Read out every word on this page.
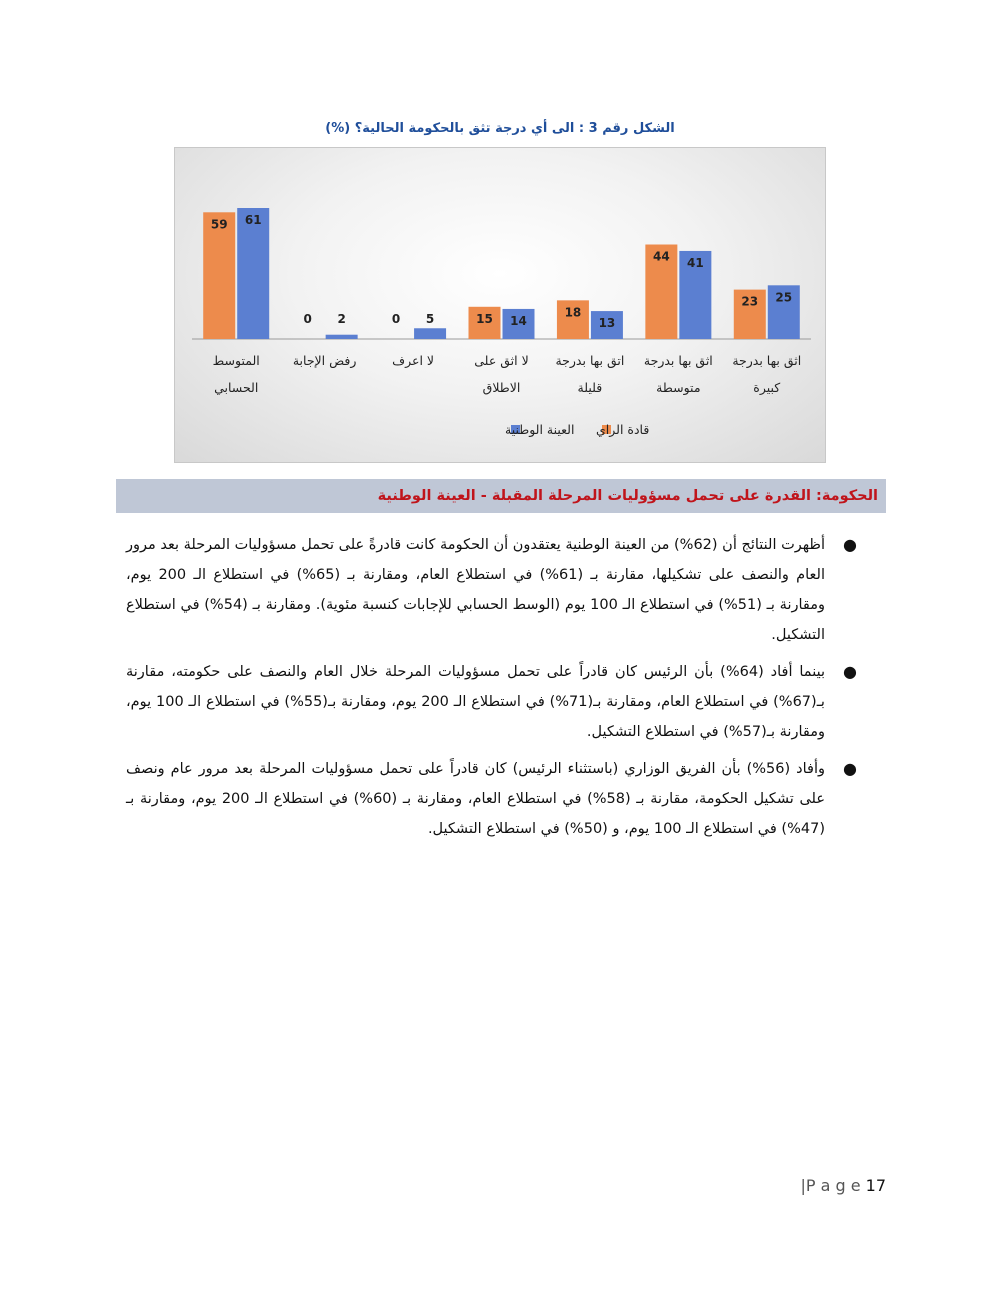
الشكل رقم 3 : الى أي درجة تثق بالحكومة الحالية؟ (%)
23 25
اثق بها بدرجة
كبيرة
44 41
اثق بها بدرجة
متوسطة
18
13
اتق بها بدرجة
قليلة
15 14
لا اثق على
الاطلاق
0 5
لا اعرف
0 2
رفض الإجابة
59 61
المتوسط
الحسابي
قادة الراي
العينة الوطنية
الحكومة: القدرة على تحمل مسؤوليات المرحلة المقبلة - العينة الوطنية
●
أظهرت النتائج أن (62%) من العينة الوطنية يعتقدون أن الحكومة كانت قادرةً على تحمل مسؤوليات المرحلة بعد مرور العام والنصف على تشكيلها، مقارنة بـ (61%) في استطلاع العام، ومقارنة بـ (65%) في استطلاع الـ 200 يوم، ومقارنة بـ (51%) في استطلاع الـ 100 يوم (الوسط الحسابي للإجابات كنسبة مئوية). ومقارنة بـ (54%) في استطلاع التشكيل.
●
بينما أفاد (64%) بأن الرئيس كان قادراً على تحمل مسؤوليات المرحلة خلال العام والنصف على حكومته، مقارنة بـ(67%) في استطلاع العام، ومقارنة بـ(71%) في استطلاع الـ 200 يوم، ومقارنة بـ(55%) في استطلاع الـ 100 يوم، ومقارنة بـ(57%) في استطلاع التشكيل.
●
وأفاد (56%) بأن الفريق الوزاري (باستثناء الرئيس) كان قادراً على تحمل مسؤوليات المرحلة بعد مرور عام ونصف على تشكيل الحكومة، مقارنة بـ (58%) في استطلاع العام، ومقارنة بـ (60%) في استطلاع الـ 200 يوم، ومقارنة بـ (47%) في استطلاع الـ 100 يوم، و (50%) في استطلاع التشكيل.
|P a g e 17
